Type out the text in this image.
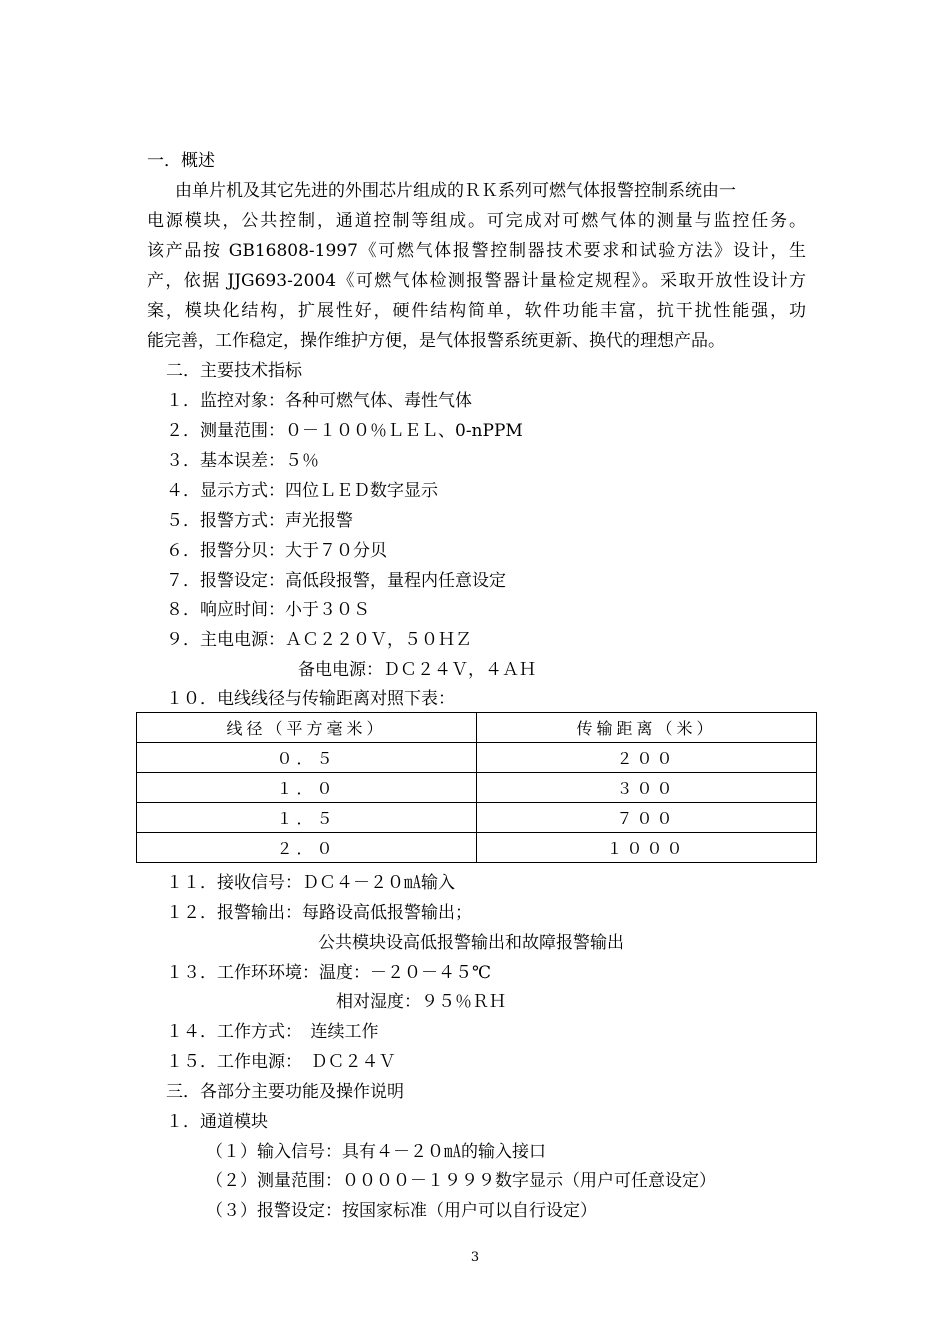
一．概述
由单片机及其它先进的外围芯片组成的ＲＫ系列可燃气体报警控制系统由一
电源模块，公共控制，通道控制等组成。可完成对可燃气体的测量与监控任务。
该产品按 GB16808-1997《可燃气体报警控制器技术要求和试验方法》设计，生
产，依据 JJG693-2004《可燃气体检测报警器计量检定规程》。采取开放性设计方
案，模块化结构，扩展性好，硬件结构简单，软件功能丰富，抗干扰性能强，功
能完善，工作稳定，操作维护方便，是气体报警系统更新、换代的理想产品。
二．主要技术指标
１．监控对象：各种可燃气体、毒性气体
２．测量范围：０－１００％ＬＥＬ、0-nPPM
３．基本误差：５％
４．显示方式：四位ＬＥＤ数字显示
５．报警方式：声光报警
６．报警分贝：大于７０分贝
７．报警设定：高低段报警，量程内任意设定
８．响应时间：小于３０Ｓ
９．主电电源：ＡＣ２２０Ｖ，５０ＨＺ
备电电源：ＤＣ２４Ｖ，４ＡＨ
１０．电线线径与传输距离对照下表：
线径（平方毫米）	传输距离（米）
０．５	２００
１．０	３００
１．５	７００
２．０	１０００
１１．接收信号：ＤＣ４－２０㎃输入
１２．报警输出：每路设高低报警输出；
公共模块设高低报警输出和故障报警输出
１３．工作环环境：温度：－２０－４５℃
相对湿度：９５％ＲＨ
１４．工作方式：　连续工作
１５．工作电源：　ＤＣ２４Ｖ
三．各部分主要功能及操作说明
１．通道模块
（１）输入信号：具有４－２０㎃的输入接口
（２）测量范围：００００－１９９９数字显示（用户可任意设定）
（３）报警设定：按国家标准（用户可以自行设定）
3
